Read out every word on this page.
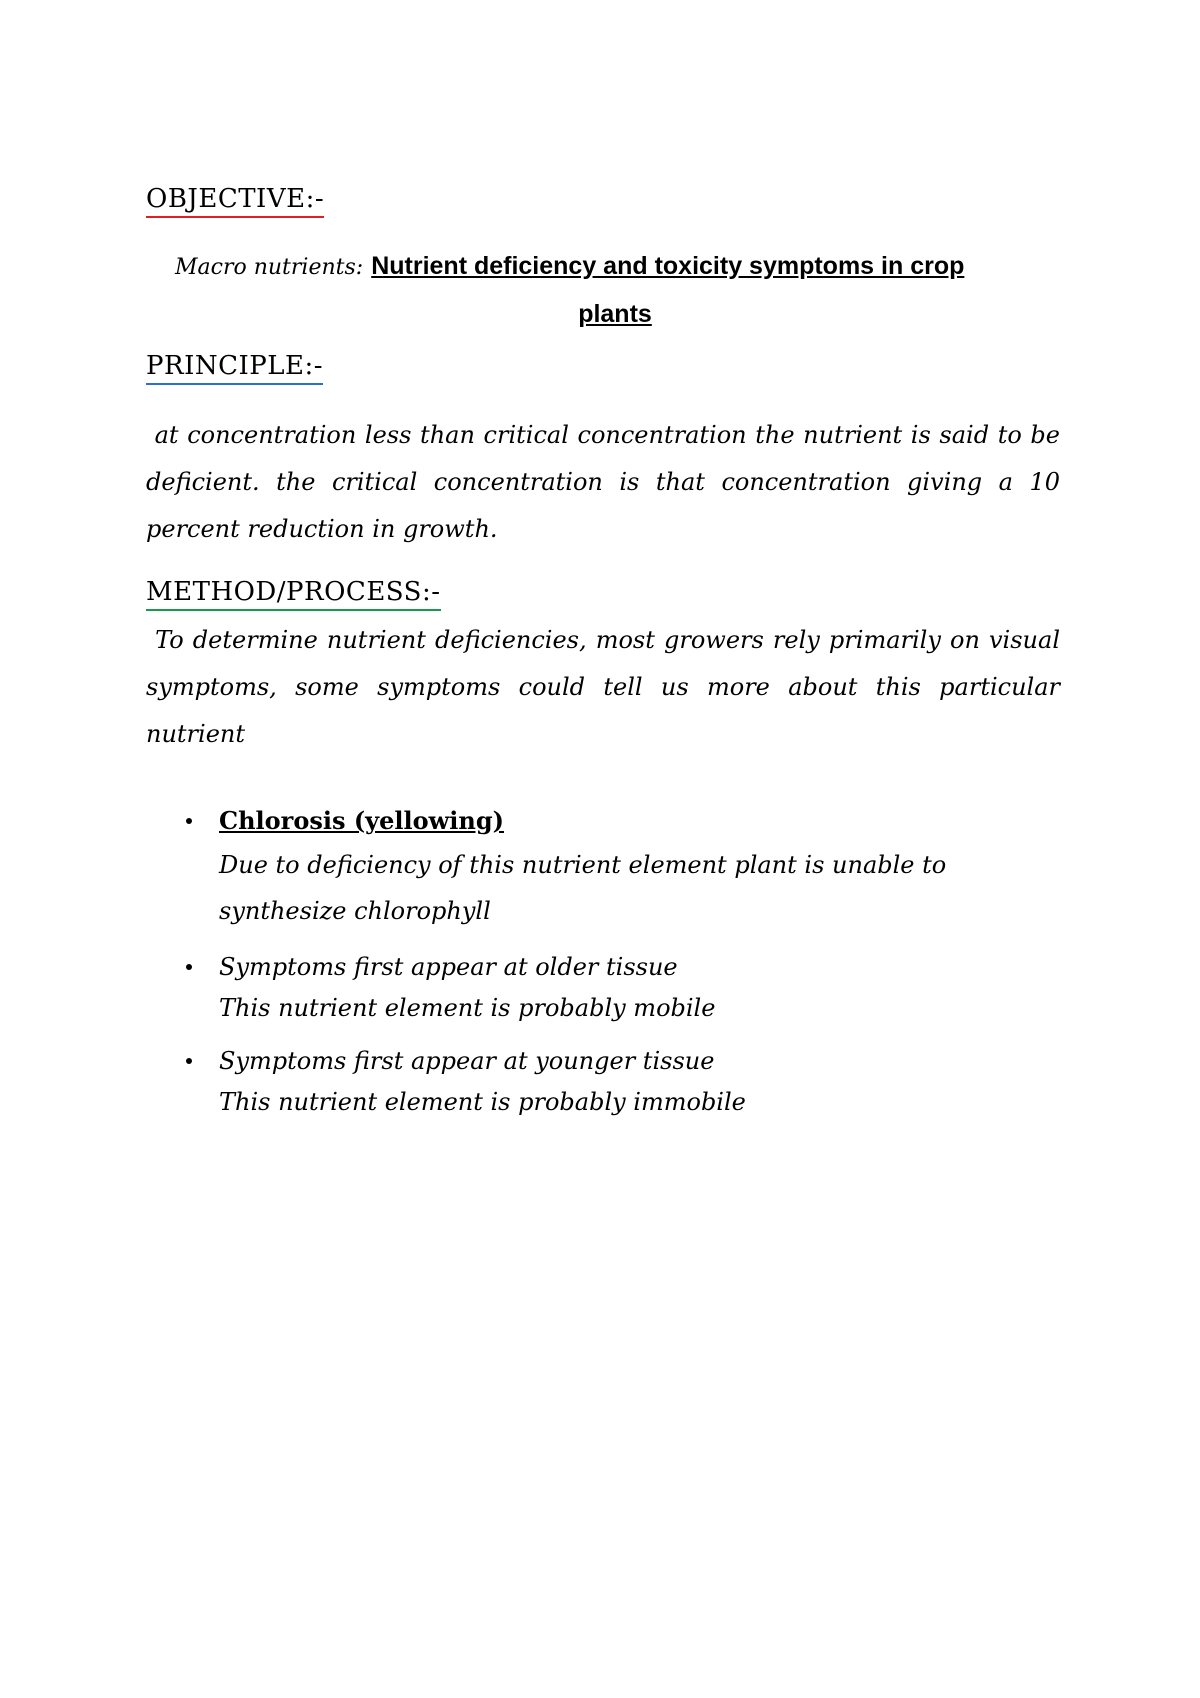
OBJECTIVE:-
Macro nutrients: Nutrient deficiency and toxicity symptoms in crop
plants
PRINCIPLE:-

at concentration less than critical concentration the nutrient is said to be deficient. the critical concentration is that concentration giving a 10 percent reduction in growth.

METHOD/PROCESS:-

To determine nutrient deficiencies, most growers rely primarily on visual symptoms, some symptoms could tell us more about this particular nutrient

Chlorosis (yellowing)
Due to deficiency of this nutrient element plant is unable to synthesize chlorophyll
Symptoms first appear at older tissue
This nutrient element is probably mobile
Symptoms first appear at younger tissue
This nutrient element is probably immobile
